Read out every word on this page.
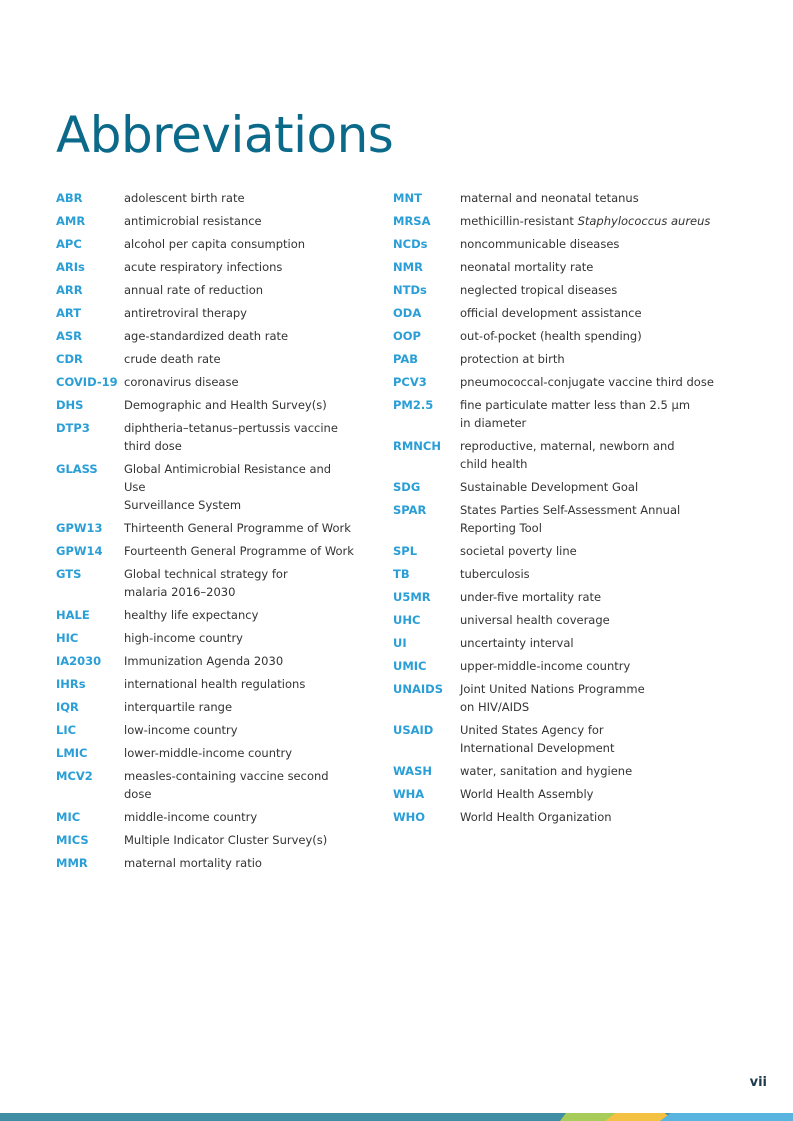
Abbreviations
ABR	adolescent birth rate
AMR	antimicrobial resistance
APC	alcohol per capita consumption
ARIs	acute respiratory infections
ARR	annual rate of reduction
ART	antiretroviral therapy
ASR	age-standardized death rate
CDR	crude death rate
COVID-19 coronavirus disease
DHS	Demographic and Health Survey(s)
DTP3	diphtheria–tetanus–pertussis vaccine
third dose
GLASS	Global Antimicrobial Resistance and Use
Surveillance System
GPW13	Thirteenth General Programme of Work
GPW14	Fourteenth General Programme of Work
GTS	Global technical strategy for
malaria 2016–2030
HALE	healthy life expectancy
HIC	high-income country
IA2030	Immunization Agenda 2030
IHRs	international health regulations
IQR	interquartile range
LIC	low-income country
LMIC	lower-middle-income country
MCV2	measles-containing vaccine second dose
MIC	middle-income country
MICS	Multiple Indicator Cluster Survey(s)
MMR	maternal mortality ratio
MNT	maternal and neonatal tetanus
MRSA	methicillin-resistant Staphylococcus aureus
NCDs	noncommunicable diseases
NMR	neonatal mortality rate
NTDs	neglected tropical diseases
ODA	official development assistance
OOP	out-of-pocket (health spending)
PAB	protection at birth
PCV3	pneumococcal-conjugate vaccine third dose
PM2.5	fine particulate matter less than 2.5 μm
in diameter
RMNCH	reproductive, maternal, newborn and
child health
SDG	Sustainable Development Goal
SPAR	States Parties Self-Assessment Annual
Reporting Tool
SPL	societal poverty line
TB	tuberculosis
U5MR	under-five mortality rate
UHC	universal health coverage
UI	uncertainty interval
UMIC	upper-middle-income country
UNAIDS	Joint United Nations Programme
on HIV/AIDS
USAID	United States Agency for
International Development
WASH	water, sanitation and hygiene
WHA	World Health Assembly
WHO	World Health Organization
vii
